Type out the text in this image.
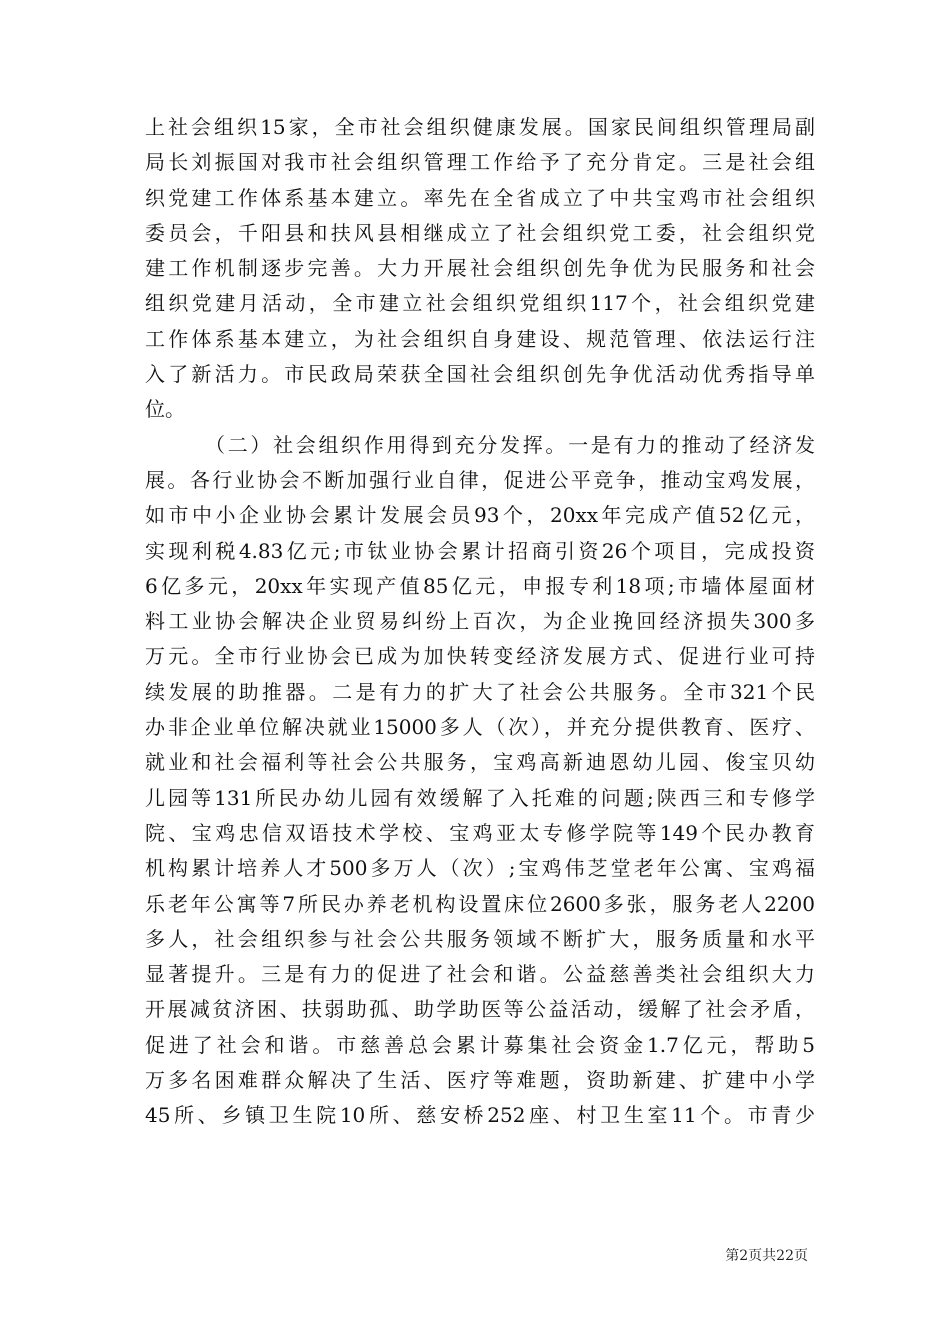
上社会组织15家，全市社会组织健康发展。国家民间组织管理局副
局长刘振国对我市社会组织管理工作给予了充分肯定。三是社会组
织党建工作体系基本建立。率先在全省成立了中共宝鸡市社会组织
委员会，千阳县和扶风县相继成立了社会组织党工委，社会组织党
建工作机制逐步完善。大力开展社会组织创先争优为民服务和社会
组织党建月活动，全市建立社会组织党组织117个，社会组织党建
工作体系基本建立，为社会组织自身建设、规范管理、依法运行注
入了新活力。市民政局荣获全国社会组织创先争优活动优秀指导单
位。
（二）社会组织作用得到充分发挥。一是有力的推动了经济发
展。各行业协会不断加强行业自律，促进公平竞争，推动宝鸡发展，
如市中小企业协会累计发展会员93个，20xx年完成产值52亿元，
实现利税4.83亿元;市钛业协会累计招商引资26个项目，完成投资
6亿多元，20xx年实现产值85亿元，申报专利18项;市墙体屋面材
料工业协会解决企业贸易纠纷上百次，为企业挽回经济损失300多
万元。全市行业协会已成为加快转变经济发展方式、促进行业可持
续发展的助推器。二是有力的扩大了社会公共服务。全市321个民
办非企业单位解决就业15000多人（次），并充分提供教育、医疗、
就业和社会福利等社会公共服务，宝鸡高新迪恩幼儿园、俊宝贝幼
儿园等131所民办幼儿园有效缓解了入托难的问题;陕西三和专修学
院、宝鸡忠信双语技术学校、宝鸡亚太专修学院等149个民办教育
机构累计培养人才500多万人（次）;宝鸡伟芝堂老年公寓、宝鸡福
乐老年公寓等7所民办养老机构设置床位2600多张，服务老人2200
多人，社会组织参与社会公共服务领域不断扩大，服务质量和水平
显著提升。三是有力的促进了社会和谐。公益慈善类社会组织大力
开展减贫济困、扶弱助孤、助学助医等公益活动，缓解了社会矛盾，
促进了社会和谐。市慈善总会累计募集社会资金1.7亿元，帮助5
万多名困难群众解决了生活、医疗等难题，资助新建、扩建中小学
45所、乡镇卫生院10所、慈安桥252座、村卫生室11个。市青少
第2页共22页
